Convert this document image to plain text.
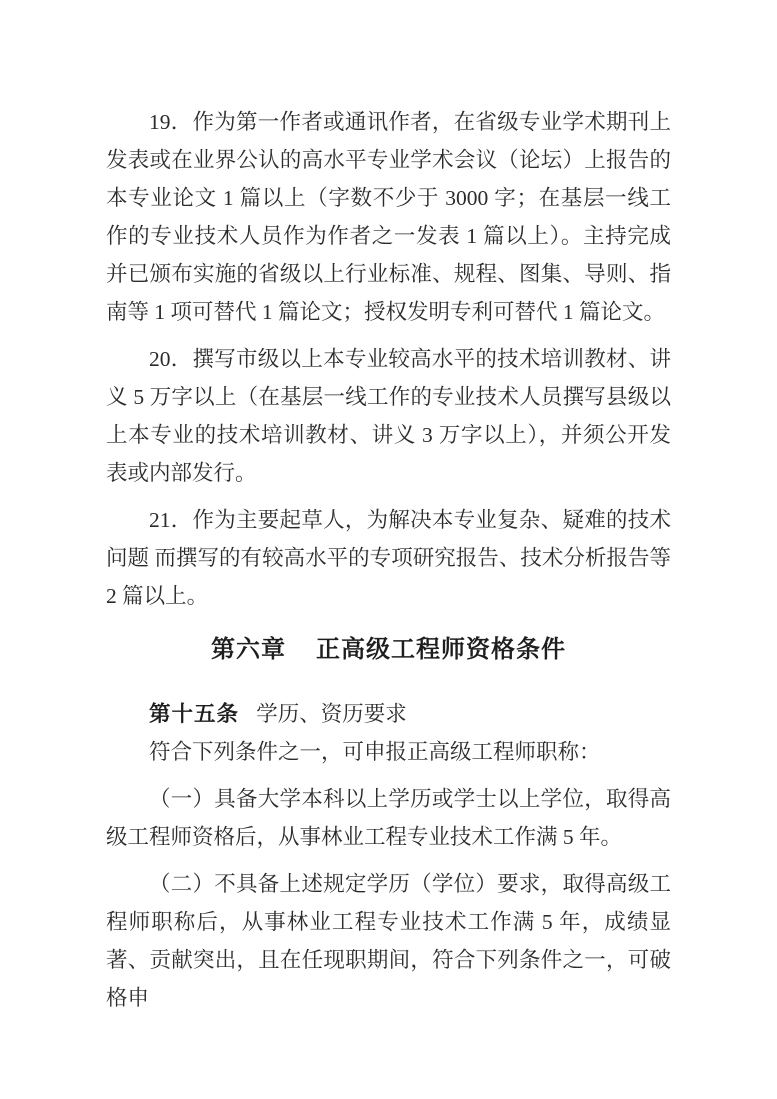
19．作为第一作者或通讯作者，在省级专业学术期刊上发表或在业界公认的高水平专业学术会议（论坛）上报告的本专业论文 1 篇以上（字数不少于 3000 字；在基层一线工作的专业技术人员作为作者之一发表 1 篇以上）。主持完成并已颁布实施的省级以上行业标准、规程、图集、导则、指南等 1 项可替代 1 篇论文；授权发明专利可替代 1 篇论文。

20．撰写市级以上本专业较高水平的技术培训教材、讲义 5 万字以上（在基层一线工作的专业技术人员撰写县级以上本专业的技术培训教材、讲义 3 万字以上），并须公开发表或内部发行。

21．作为主要起草人，为解决本专业复杂、疑难的技术问题 而撰写的有较高水平的专项研究报告、技术分析报告等 2 篇以上。

第六章 正高级工程师资格条件

第十五条 学历、资历要求

符合下列条件之一，可申报正高级工程师职称：

（一）具备大学本科以上学历或学士以上学位，取得高级工程师资格后，从事林业工程专业技术工作满 5 年。

（二）不具备上述规定学历（学位）要求，取得高级工程师职称后，从事林业工程专业技术工作满 5 年，成绩显著、贡献突出，且在任现职期间，符合下列条件之一，可破格申
